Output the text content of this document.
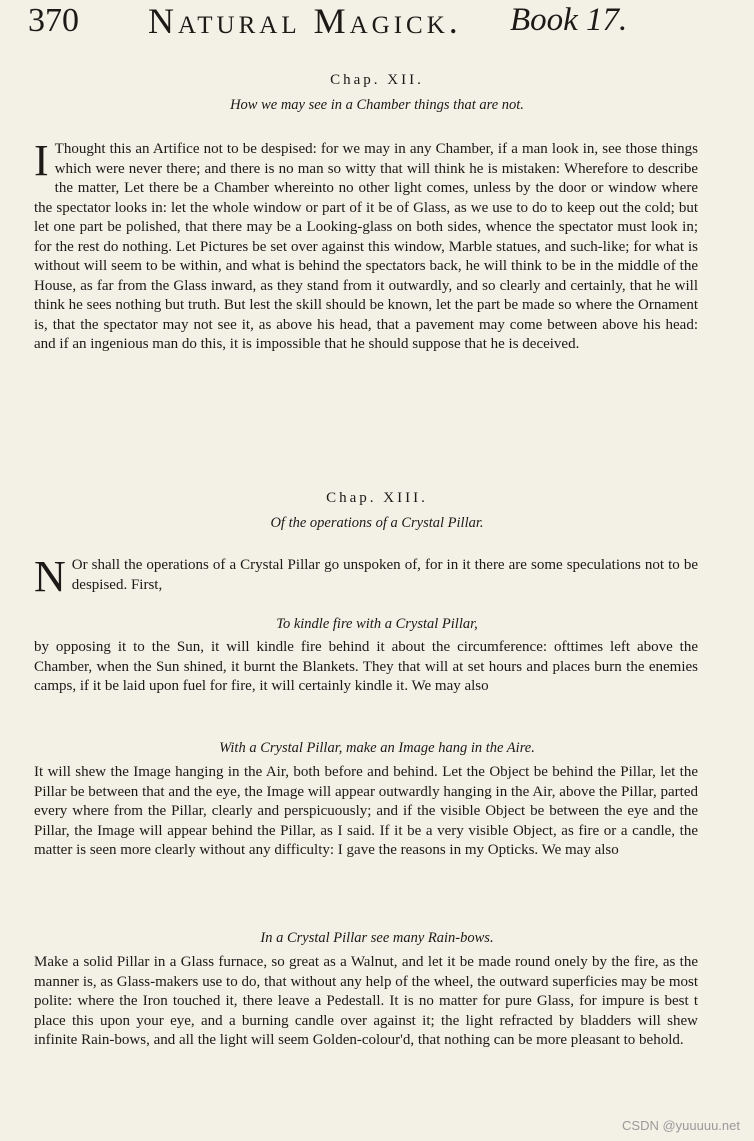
370 Natural Magick. Book 17.
Chap. XII.
How we may see in a Chamber things that are not.

I Thought this an Artifice not to be despised: for we may in any Chamber, if a man look in, see those things which were never there; and there is no man so witty that will think he is mistaken: Wherefore to describe the matter, Let there be a Chamber whereinto no other light comes, unless by the door or window where the spectator looks in: let the whole window or part of it be of Glass, as we use to do to keep out the cold; but let one part be polished, that there may be a Looking-glass on both sides, whence the spectator must look in; for the rest do nothing. Let Pictures be set over against this window, Marble statues, and such-like; for what is without will seem to be within, and what is behind the spectators back, he will think to be in the middle of the House, as far from the Glass inward, as they stand from it outwardly, and so clearly and certainly, that he will think he sees nothing but truth. But lest the skill should be known, let the part be made so where the Ornament is, that the spectator may not see it, as above his head, that a pavement may come between above his head: and if an ingenious man do this, it is impossible that he should suppose that he is deceived.

Chap. XIII.
Of the operations of a Crystal Pillar.

N Or shall the operations of a Crystal Pillar go unspoken of, for in it there are some speculations not to be despised. First,

To kindle fire with a Crystal Pillar,

by opposing it to the Sun, it will kindle fire behind it about the circumference: ofttimes left above the Chamber, when the Sun shined, it burnt the Blankets. They that will at set hours and places burn the enemies camps, if it be laid upon fuel for fire, it will certainly kindle it. We may also

With a Crystal Pillar, make an Image hang in the Aire.

It will shew the Image hanging in the Air, both before and behind. Let the Object be behind the Pillar, let the Pillar be between that and the eye, the Image will appear outwardly hanging in the Air, above the Pillar, parted every where from the Pillar, clearly and perspicuously; and if the visible Object be between the eye and the Pillar, the Image will appear behind the Pillar, as I said. If it be a very visible Object, as fire or a candle, the matter is seen more clearly without any difficulty: I gave the reasons in my Opticks. We may also

In a Crystal Pillar see many Rain-bows.

Make a solid Pillar in a Glass furnace, so great as a Walnut, and let it be made round onely by the fire, as the manner is, as Glass-makers use to do, that without any help of the wheel, the outward superficies may be most polite: where the Iron touched it, there leave a Pedestall. It is no matter for pure Glass, for impure is best t place this upon your eye, and a burning candle over against it; the light refracted by bladders will shew infinite Rain-bows, and all the light will seem Golden-colour'd, that nothing can be more pleasant to behold.

CSDN @yuuuuu.net
